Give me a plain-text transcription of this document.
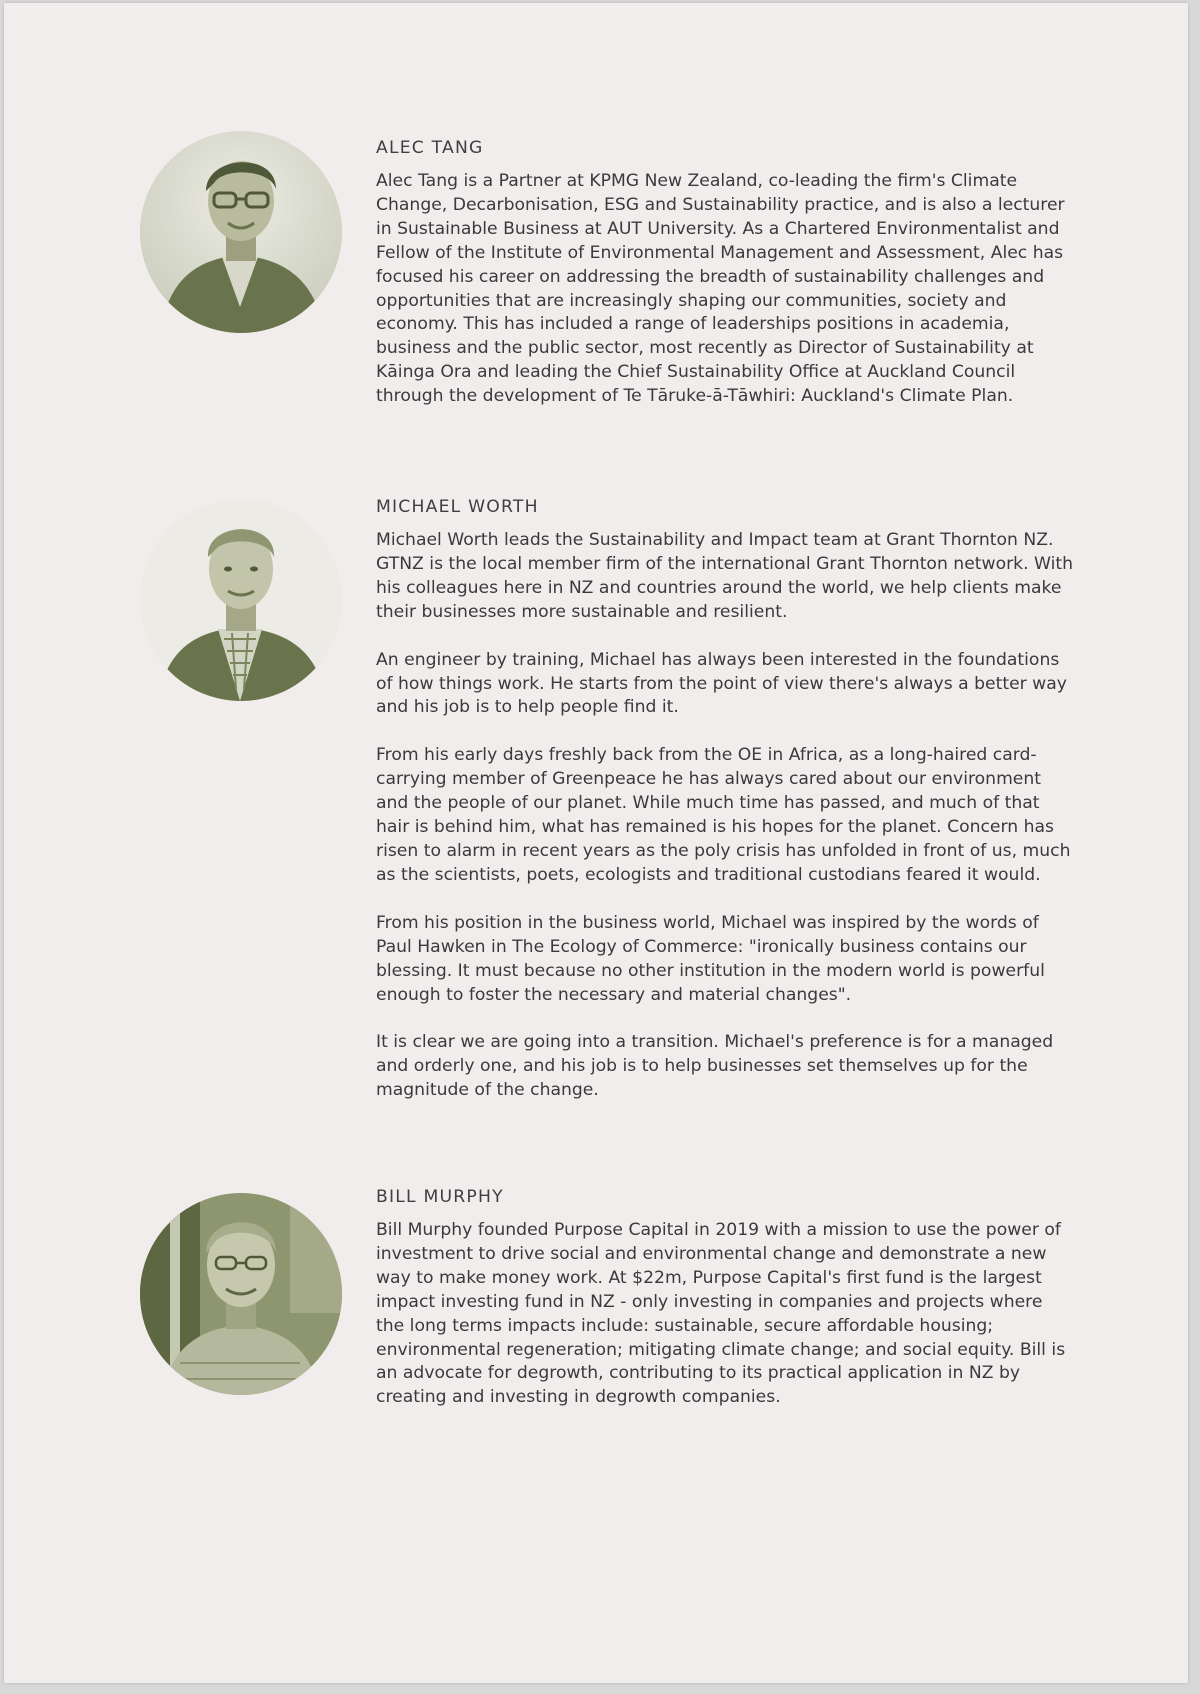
ALEC TANG

Alec Tang is a Partner at KPMG New Zealand, co-leading the firm's Climate Change, Decarbonisation, ESG and Sustainability practice, and is also a lecturer in Sustainable Business at AUT University. As a Chartered Environmentalist and Fellow of the Institute of Environmental Management and Assessment, Alec has focused his career on addressing the breadth of sustainability challenges and opportunities that are increasingly shaping our communities, society and economy. This has included a range of leaderships positions in academia, business and the public sector, most recently as Director of Sustainability at Kāinga Ora and leading the Chief Sustainability Office at Auckland Council through the development of Te Tāruke-ā-Tāwhiri: Auckland's Climate Plan.

MICHAEL WORTH

Michael Worth leads the Sustainability and Impact team at Grant Thornton NZ. GTNZ is the local member firm of the international Grant Thornton network. With his colleagues here in NZ and countries around the world, we help clients make their businesses more sustainable and resilient.

An engineer by training, Michael has always been interested in the foundations of how things work. He starts from the point of view there's always a better way and his job is to help people find it.

From his early days freshly back from the OE in Africa, as a long-haired card-carrying member of Greenpeace he has always cared about our environment and the people of our planet. While much time has passed, and much of that hair is behind him, what has remained is his hopes for the planet. Concern has risen to alarm in recent years as the poly crisis has unfolded in front of us, much as the scientists, poets, ecologists and traditional custodians feared it would.

From his position in the business world, Michael was inspired by the words of Paul Hawken in The Ecology of Commerce: "ironically business contains our blessing. It must because no other institution in the modern world is powerful enough to foster the necessary and material changes".

It is clear we are going into a transition. Michael's preference is for a managed and orderly one, and his job is to help businesses set themselves up for the magnitude of the change.

BILL MURPHY

Bill Murphy founded Purpose Capital in 2019 with a mission to use the power of investment to drive social and environmental change and demonstrate a new way to make money work. At $22m, Purpose Capital's first fund is the largest impact investing fund in NZ - only investing in companies and projects where the long terms impacts include: sustainable, secure affordable housing; environmental regeneration; mitigating climate change; and social equity. Bill is an advocate for degrowth, contributing to its practical application in NZ by creating and investing in degrowth companies.
